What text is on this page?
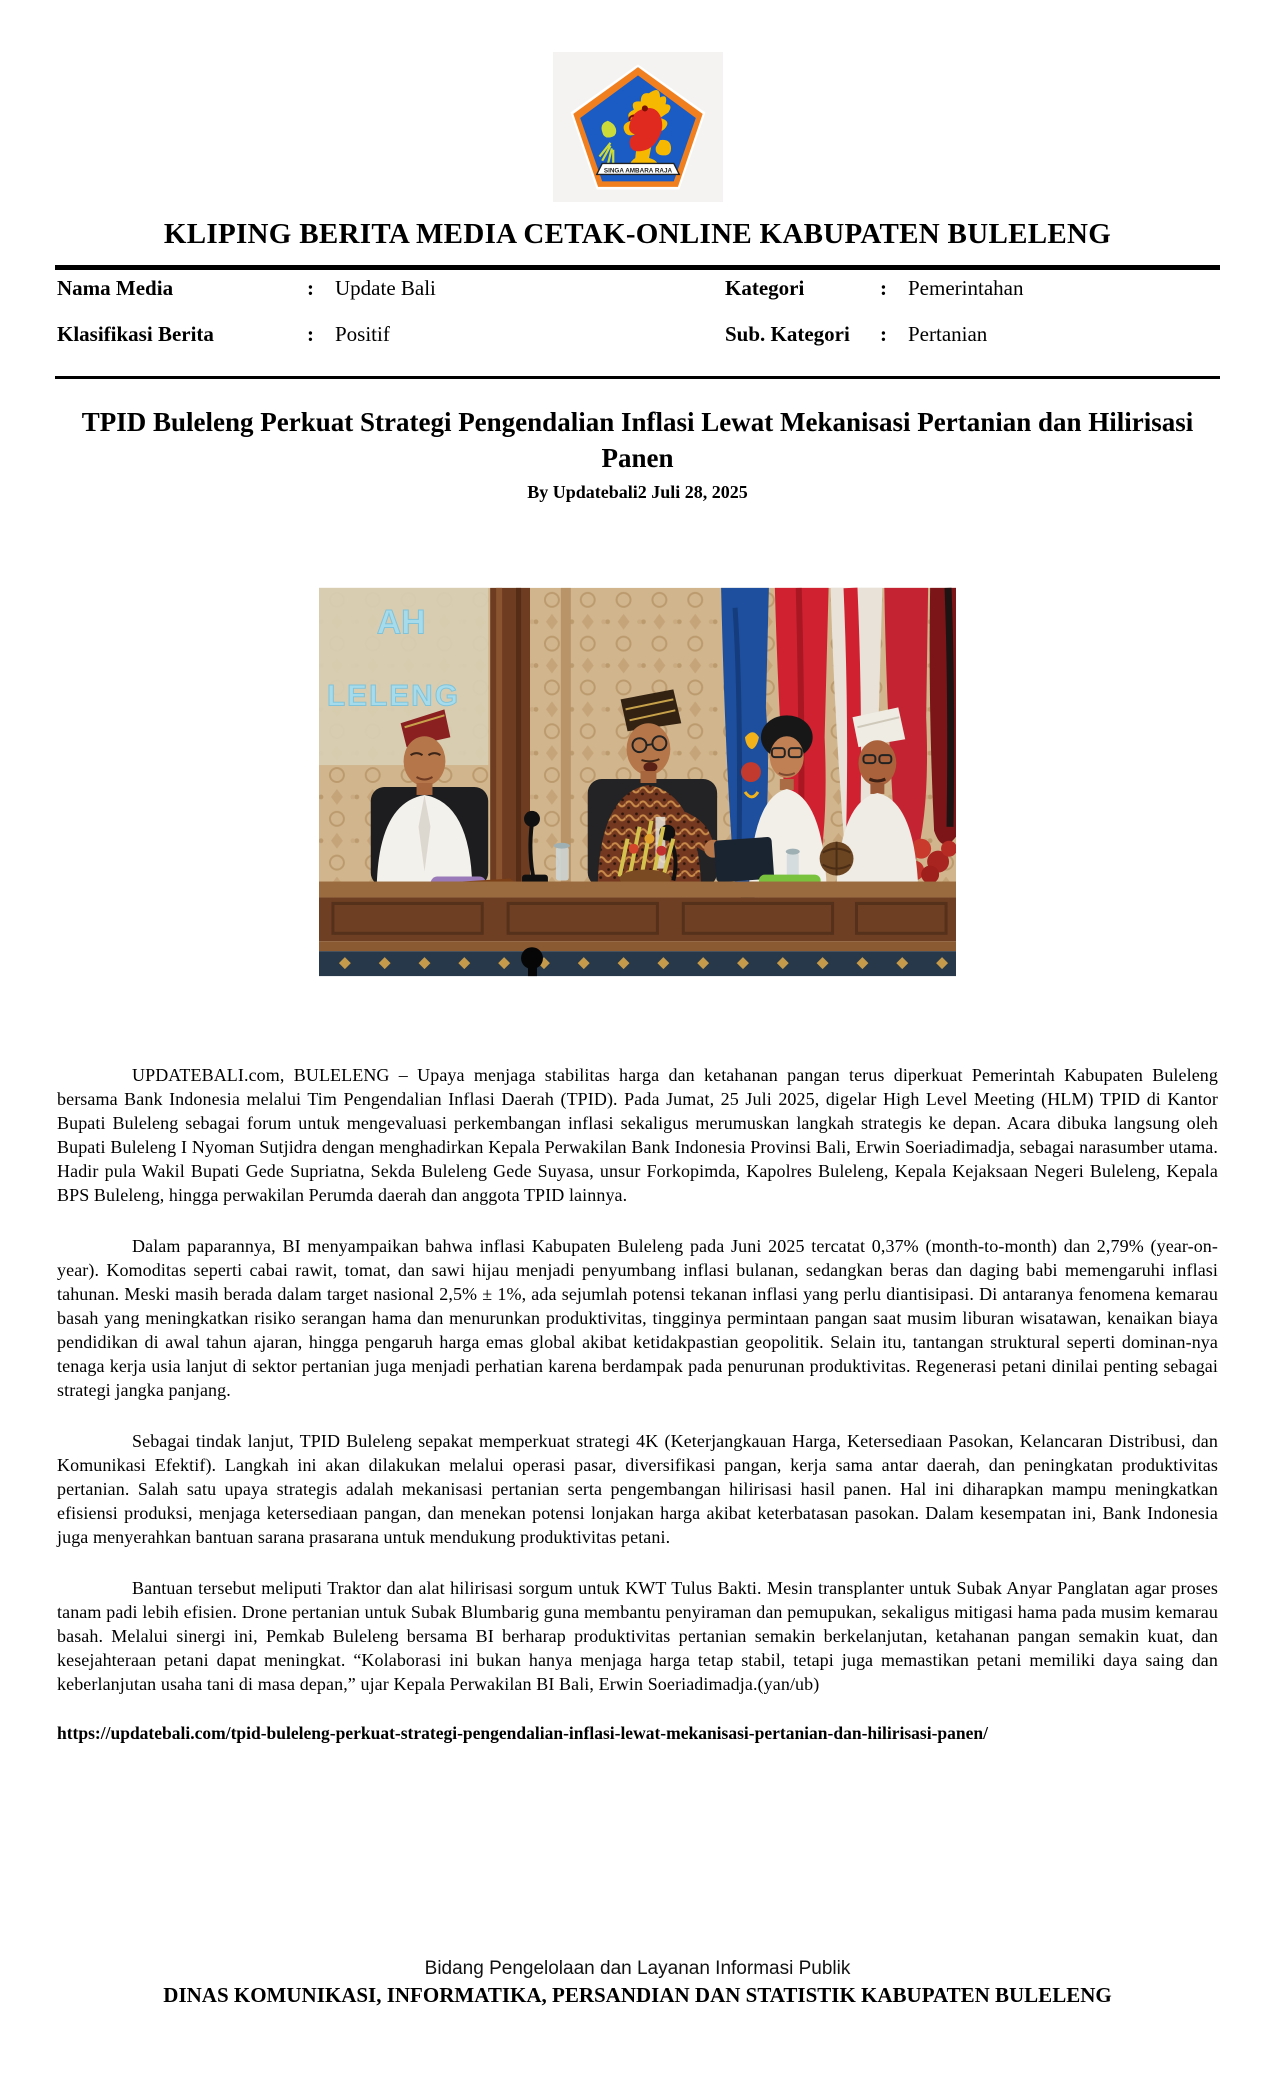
SINGA AMBARA RAJA
KLIPING BERITA MEDIA CETAK-ONLINE KABUPATEN BULELENG
Nama Media	:	Update Bali	Kategori	:	Pemerintahan
Klasifikasi Berita	:	Positif	Sub. Kategori	:	Pertanian
TPID Buleleng Perkuat Strategi Pengendalian Inflasi Lewat Mekanisasi Pertanian dan Hilirisasi Panen
By Updatebali2 Juli 28, 2025
AH
LELENG

UPDATEBALI.com, BULELENG – Upaya menjaga stabilitas harga dan ketahanan pangan terus diperkuat Pemerintah Kabupaten Buleleng bersama Bank Indonesia melalui Tim Pengendalian Inflasi Daerah (TPID). Pada Jumat, 25 Juli 2025, digelar High Level Meeting (HLM) TPID di Kantor Bupati Buleleng sebagai forum untuk mengevaluasi perkembangan inflasi sekaligus merumuskan langkah strategis ke depan. Acara dibuka langsung oleh Bupati Buleleng I Nyoman Sutjidra dengan menghadirkan Kepala Perwakilan Bank Indonesia Provinsi Bali, Erwin Soeriadimadja, sebagai narasumber utama. Hadir pula Wakil Bupati Gede Supriatna, Sekda Buleleng Gede Suyasa, unsur Forkopimda, Kapolres Buleleng, Kepala Kejaksaan Negeri Buleleng, Kepala BPS Buleleng, hingga perwakilan Perumda daerah dan anggota TPID lainnya.

Dalam paparannya, BI menyampaikan bahwa inflasi Kabupaten Buleleng pada Juni 2025 tercatat 0,37% (month-to-month) dan 2,79% (year-on-year). Komoditas seperti cabai rawit, tomat, dan sawi hijau menjadi penyumbang inflasi bulanan, sedangkan beras dan daging babi memengaruhi inflasi tahunan. Meski masih berada dalam target nasional 2,5% ± 1%, ada sejumlah potensi tekanan inflasi yang perlu diantisipasi. Di antaranya fenomena kemarau basah yang meningkatkan risiko serangan hama dan menurunkan produktivitas, tingginya permintaan pangan saat musim liburan wisatawan, kenaikan biaya pendidikan di awal tahun ajaran, hingga pengaruh harga emas global akibat ketidakpastian geopolitik. Selain itu, tantangan struktural seperti dominan-nya tenaga kerja usia lanjut di sektor pertanian juga menjadi perhatian karena berdampak pada penurunan produktivitas. Regenerasi petani dinilai penting sebagai strategi jangka panjang.

Sebagai tindak lanjut, TPID Buleleng sepakat memperkuat strategi 4K (Keterjangkauan Harga, Ketersediaan Pasokan, Kelancaran Distribusi, dan Komunikasi Efektif). Langkah ini akan dilakukan melalui operasi pasar, diversifikasi pangan, kerja sama antar daerah, dan peningkatan produktivitas pertanian. Salah satu upaya strategis adalah mekanisasi pertanian serta pengembangan hilirisasi hasil panen. Hal ini diharapkan mampu meningkatkan efisiensi produksi, menjaga ketersediaan pangan, dan menekan potensi lonjakan harga akibat keterbatasan pasokan. Dalam kesempatan ini, Bank Indonesia juga menyerahkan bantuan sarana prasarana untuk mendukung produktivitas petani.

Bantuan tersebut meliputi Traktor dan alat hilirisasi sorgum untuk KWT Tulus Bakti. Mesin transplanter untuk Subak Anyar Panglatan agar proses tanam padi lebih efisien. Drone pertanian untuk Subak Blumbarig guna membantu penyiraman dan pemupukan, sekaligus mitigasi hama pada musim kemarau basah. Melalui sinergi ini, Pemkab Buleleng bersama BI berharap produktivitas pertanian semakin berkelanjutan, ketahanan pangan semakin kuat, dan kesejahteraan petani dapat meningkat. “Kolaborasi ini bukan hanya menjaga harga tetap stabil, tetapi juga memastikan petani memiliki daya saing dan keberlanjutan usaha tani di masa depan,” ujar Kepala Perwakilan BI Bali, Erwin Soeriadimadja.(yan/ub)

https://updatebali.com/tpid-buleleng-perkuat-strategi-pengendalian-inflasi-lewat-mekanisasi-pertanian-dan-hilirisasi-panen/
Bidang Pengelolaan dan Layanan Informasi Publik
DINAS KOMUNIKASI, INFORMATIKA, PERSANDIAN DAN STATISTIK KABUPATEN BULELENG
